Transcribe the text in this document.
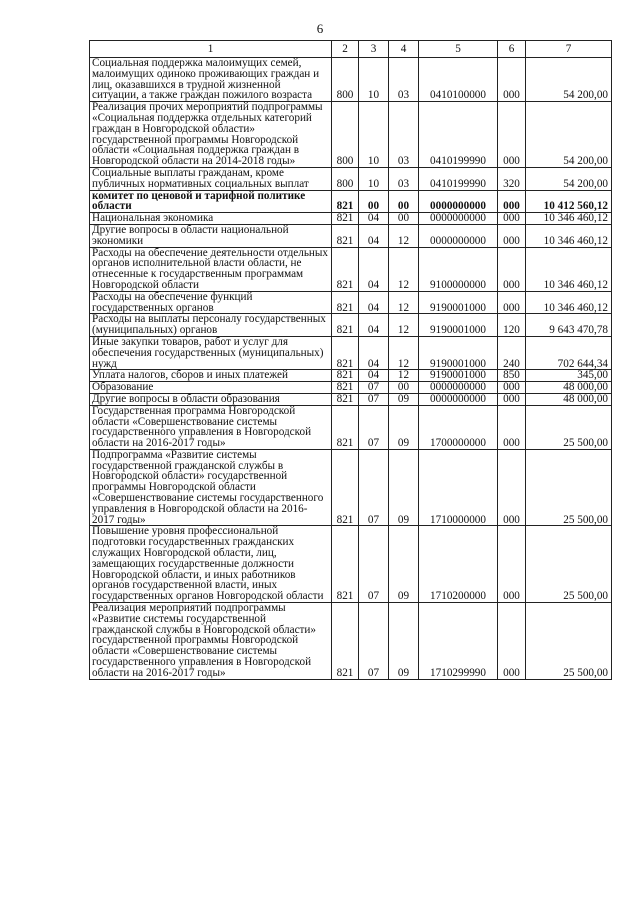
6
1	2	3	4	5	6	7
Социальная поддержка малоимущих семей, малоимущих одиноко проживающих граждан и лиц, оказавшихся в трудной жизненной ситуации, а также граждан пожилого возраста	800	10	03	0410100000	000	54 200,00
Реализация прочих мероприятий подпрограммы «Социальная поддержка отдельных категорий граждан в Новгородской области» государственной программы Новгородской области «Социальная поддержка граждан в Новгородской области на 2014-2018 годы»	800	10	03	0410199990	000	54 200,00
Социальные выплаты гражданам, кроме публичных нормативных социальных выплат	800	10	03	0410199990	320	54 200,00
комитет по ценовой и тарифной политике области	821	00	00	0000000000	000	10 412 560,12
Национальная экономика	821	04	00	0000000000	000	10 346 460,12
Другие вопросы в области национальной экономики	821	04	12	0000000000	000	10 346 460,12
Расходы на обеспечение деятельности отдельных органов исполнительной власти области, не отнесенные к государственным программам Новгородской области	821	04	12	9100000000	000	10 346 460,12
Расходы на обеспечение функций государственных органов	821	04	12	9190001000	000	10 346 460,12
Расходы на выплаты персоналу государственных (муниципальных) органов	821	04	12	9190001000	120	9 643 470,78
Иные закупки товаров, работ и услуг для обеспечения государственных (муниципальных) нужд	821	04	12	9190001000	240	702 644,34
Уплата налогов, сборов и иных платежей	821	04	12	9190001000	850	345,00
Образование	821	07	00	0000000000	000	48 000,00
Другие вопросы в области образования	821	07	09	0000000000	000	48 000,00
Государственная программа Новгородской области «Совершенствование системы государственного управления в Новгородской области на 2016-2017 годы»	821	07	09	1700000000	000	25 500,00
Подпрограмма «Развитие системы государственной гражданской службы в Новгородской области» государственной программы Новгородской области «Совершенствование системы государственного управления в Новгородской области на 2016-2017 годы»	821	07	09	1710000000	000	25 500,00
Повышение уровня профессиональной подготовки государственных гражданских служащих Новгородской области, лиц, замещающих государственные должности Новгородской области, и иных работников органов государственной власти, иных государственных органов Новгородской области	821	07	09	1710200000	000	25 500,00
Реализация мероприятий подпрограммы «Развитие системы государственной гражданской службы в Новгородской области» государственной программы Новгородской области «Совершенствование системы государственного управления в Новгородской области на 2016-2017 годы»	821	07	09	1710299990	000	25 500,00
